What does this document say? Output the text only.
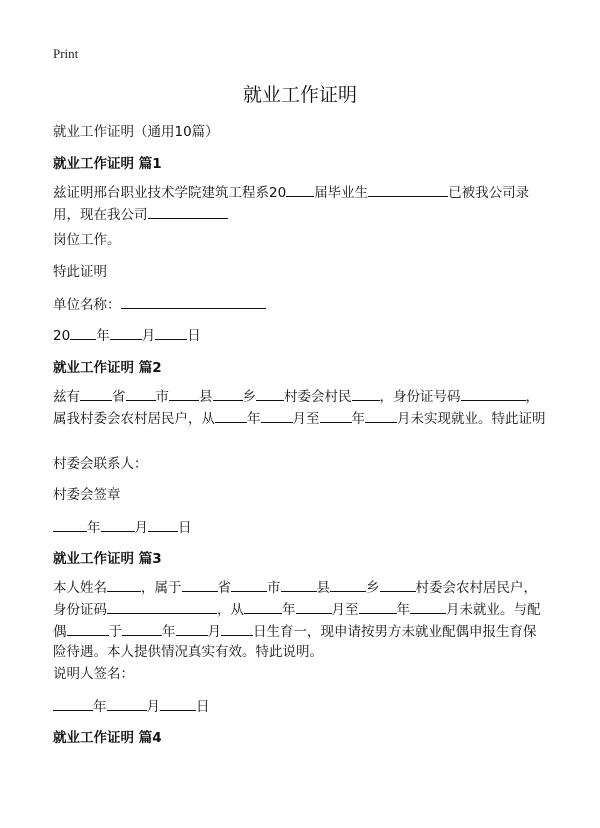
Print
就业工作证明
就业工作证明（通用10篇）
就业工作证明 篇1

兹证明邢台职业技术学院建筑工程系20 届毕业生	已被我公司录用，现在我公司

岗位工作。

特此证明

单位名称：

20 年 月 日

就业工作证明 篇2

兹有 省 市 县 乡 村委会村民 ，身份证号码	，属我村委会农村居民户，从 年 月至 年 月未实现就业。特此证明

村委会联系人：

村委会签章

年	月 日

就业工作证明 篇3

本人姓名	，属于	省	市	县	乡	村委会农村居民户，身份证码	，从	年	月至	年	月未就业。与配偶	于	年 月 日生育一，现申请按男方未就业配偶申报生育保险待遇。本人提供情况真实有效。特此说明。

说明人签名：

年	月	日

就业工作证明 篇4
